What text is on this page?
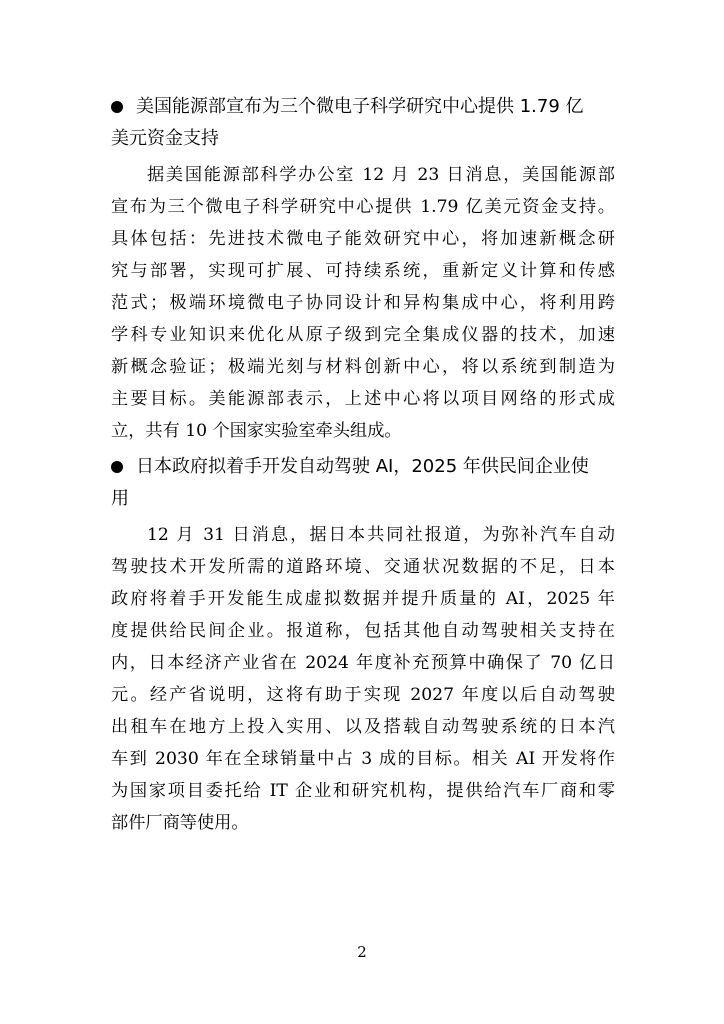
美国能源部宣布为三个微电子科学研究中心提供 1.79 亿
美元资金支持
据美国能源部科学办公室 12 月 23 日消息，美国能源部
宣布为三个微电子科学研究中心提供 1.79 亿美元资金支持。
具体包括：先进技术微电子能效研究中心，将加速新概念研
究与部署，实现可扩展、可持续系统，重新定义计算和传感
范式；极端环境微电子协同设计和异构集成中心，将利用跨
学科专业知识来优化从原子级到完全集成仪器的技术，加速
新概念验证；极端光刻与材料创新中心，将以系统到制造为
主要目标。美能源部表示，上述中心将以项目网络的形式成
立，共有 10 个国家实验室牵头组成。
日本政府拟着手开发自动驾驶 AI，2025 年供民间企业使
用
12 月 31 日消息，据日本共同社报道，为弥补汽车自动
驾驶技术开发所需的道路环境、交通状况数据的不足，日本
政府将着手开发能生成虚拟数据并提升质量的 AI，2025 年
度提供给民间企业。报道称，包括其他自动驾驶相关支持在
内，日本经济产业省在 2024 年度补充预算中确保了 70 亿日
元。经产省说明，这将有助于实现 2027 年度以后自动驾驶
出租车在地方上投入实用、以及搭载自动驾驶系统的日本汽
车到 2030 年在全球销量中占 3 成的目标。相关 AI 开发将作
为国家项目委托给 IT 企业和研究机构，提供给汽车厂商和零
部件厂商等使用。
2
